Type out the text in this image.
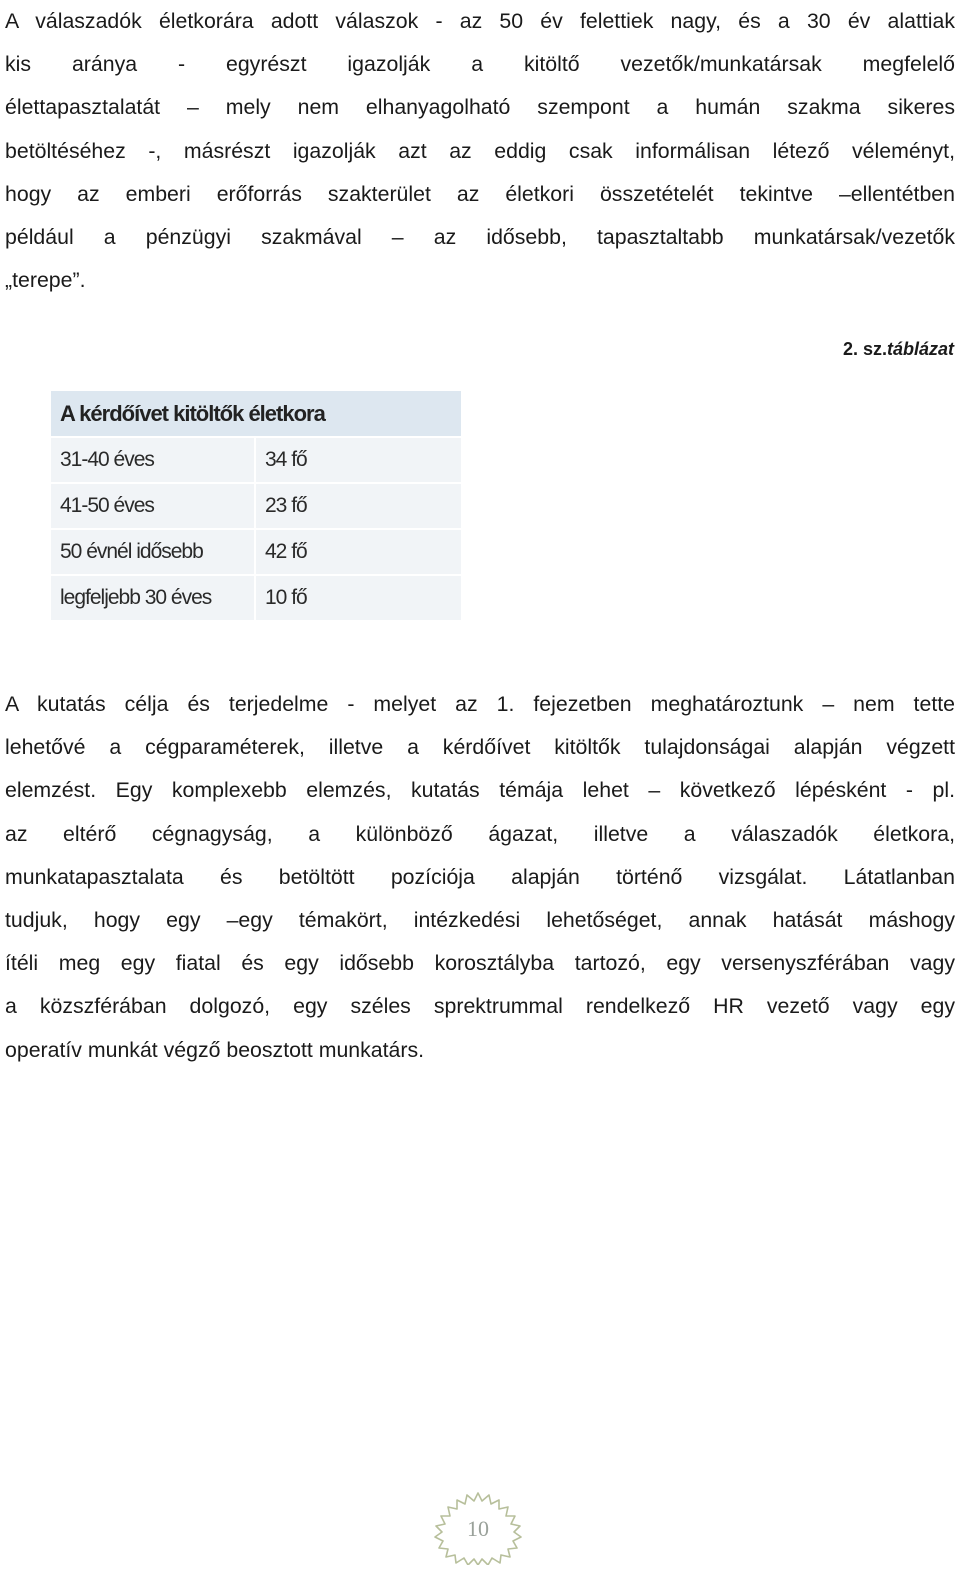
A válaszadók életkorára adott válaszok - az 50 év felettiek nagy, és a 30 év alattiak
kis aránya - egyrészt igazolják a kitöltő vezetők/munkatársak megfelelő
élettapasztalatát – mely nem elhanyagolható szempont a humán szakma sikeres
betöltéséhez -, másrészt igazolják azt az eddig csak informálisan létező véleményt,
hogy az emberi erőforrás szakterület az életkori összetételét tekintve –ellentétben
például a pénzügyi szakmával – az idősebb, tapasztaltabb munkatársak/vezetők
„terepe”.
2. sz.táblázat
A kérdőívet kitöltők életkora	
31-40 éves	34 fő
41-50 éves	23 fő
50 évnél idősebb	42 fő
legfeljebb 30 éves	10 fő
A kutatás célja és terjedelme - melyet az 1. fejezetben meghatároztunk – nem tette
lehetővé a cégparaméterek, illetve a kérdőívet kitöltők tulajdonságai alapján végzett
elemzést. Egy komplexebb elemzés, kutatás témája lehet – következő lépésként - pl.
az eltérő cégnagyság, a különböző ágazat, illetve a válaszadók életkora,
munkatapasztalata és betöltött pozíciója alapján történő vizsgálat. Látatlanban
tudjuk, hogy egy –egy témakört, intézkedési lehetőséget, annak hatását máshogy
ítéli meg egy fiatal és egy idősebb korosztályba tartozó, egy versenyszférában vagy
a közszférában dolgozó, egy széles sprektrummal rendelkező HR vezető vagy egy
operatív munkát végző beosztott munkatárs.
10
